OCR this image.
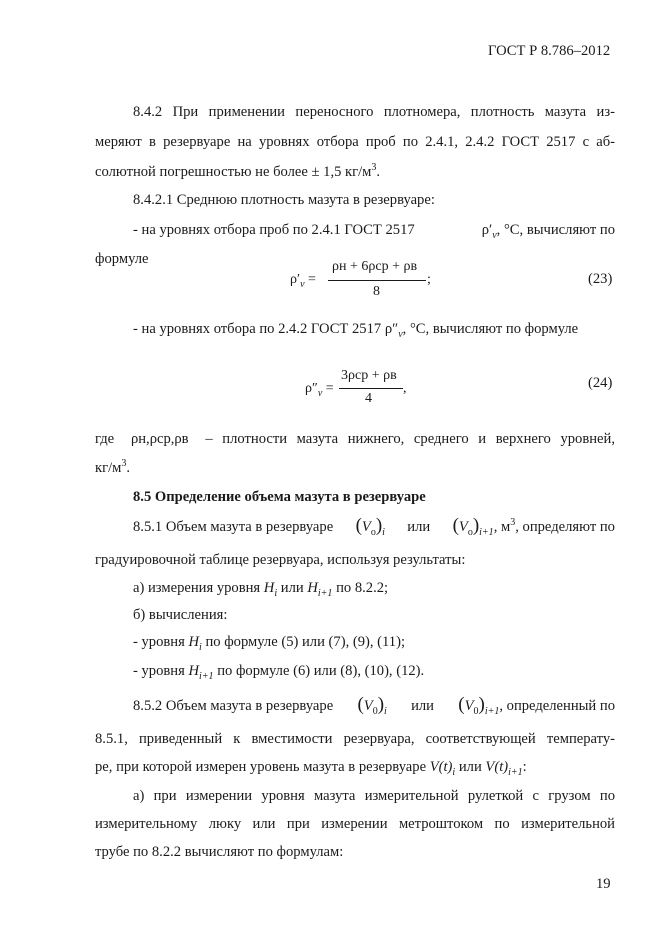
ГОСТ Р 8.786–2012
8.4.2 При применении переносного плотномера, плотность мазута из-
меряют в резервуаре на уровнях отбора проб по 2.4.1, 2.4.2 ГОСТ 2517 с аб-
солютной погрешностью не более ± 1,5 $кг/м^3$.
8.4.2.1 Среднюю плотность мазута в резервуаре:
- на уровнях отбора проб по 2.4.1 ГОСТ 2517	$\rho'_v$, °С, вычисляют по
формуле
$\rho'_v$ =
ρн + 6ρср + ρв
8
;	(23)
- на уровнях отбора по 2.4.2 ГОСТ 2517 $\rho''_v$, °С, вычисляют по формуле
$\rho''_v$ =
3ρср + ρв
4
,	(24)
где ρн,ρср,ρв – плотности мазута нижнего, среднего и верхнего уровней,
$кг/м^3$.
8.5 Определение объема мазута в резервуаре
8.5.1 Объем мазута в резервуаре $(V_o)_i$ или $(V_o)_{i+1}$, $м^3$, определяют по
градуировочной таблице резервуара, используя результаты:
а) измерения уровня $H_i$ или $H_{i+1}$ по 8.2.2;
б) вычисления:
- уровня $H_i$ по формуле (5) или (7), (9), (11);
- уровня $H_{i+1}$ по формуле (6) или (8), (10), (12).
8.5.2 Объем мазута в резервуаре $(V_0)_i$ или $(V_0)_{i+1}$, определенный по
8.5.1, приведенный к вместимости резервуара, соответствующей температу-
ре, при которой измерен уровень мазута в резервуаре $V(t)_i$ или $V(t)_{i+1}$:
а) при измерении уровня мазута измерительной рулеткой с грузом по
измерительному люку или при измерении метроштоком по измерительной
трубе по 8.2.2 вычисляют по формулам:
19
